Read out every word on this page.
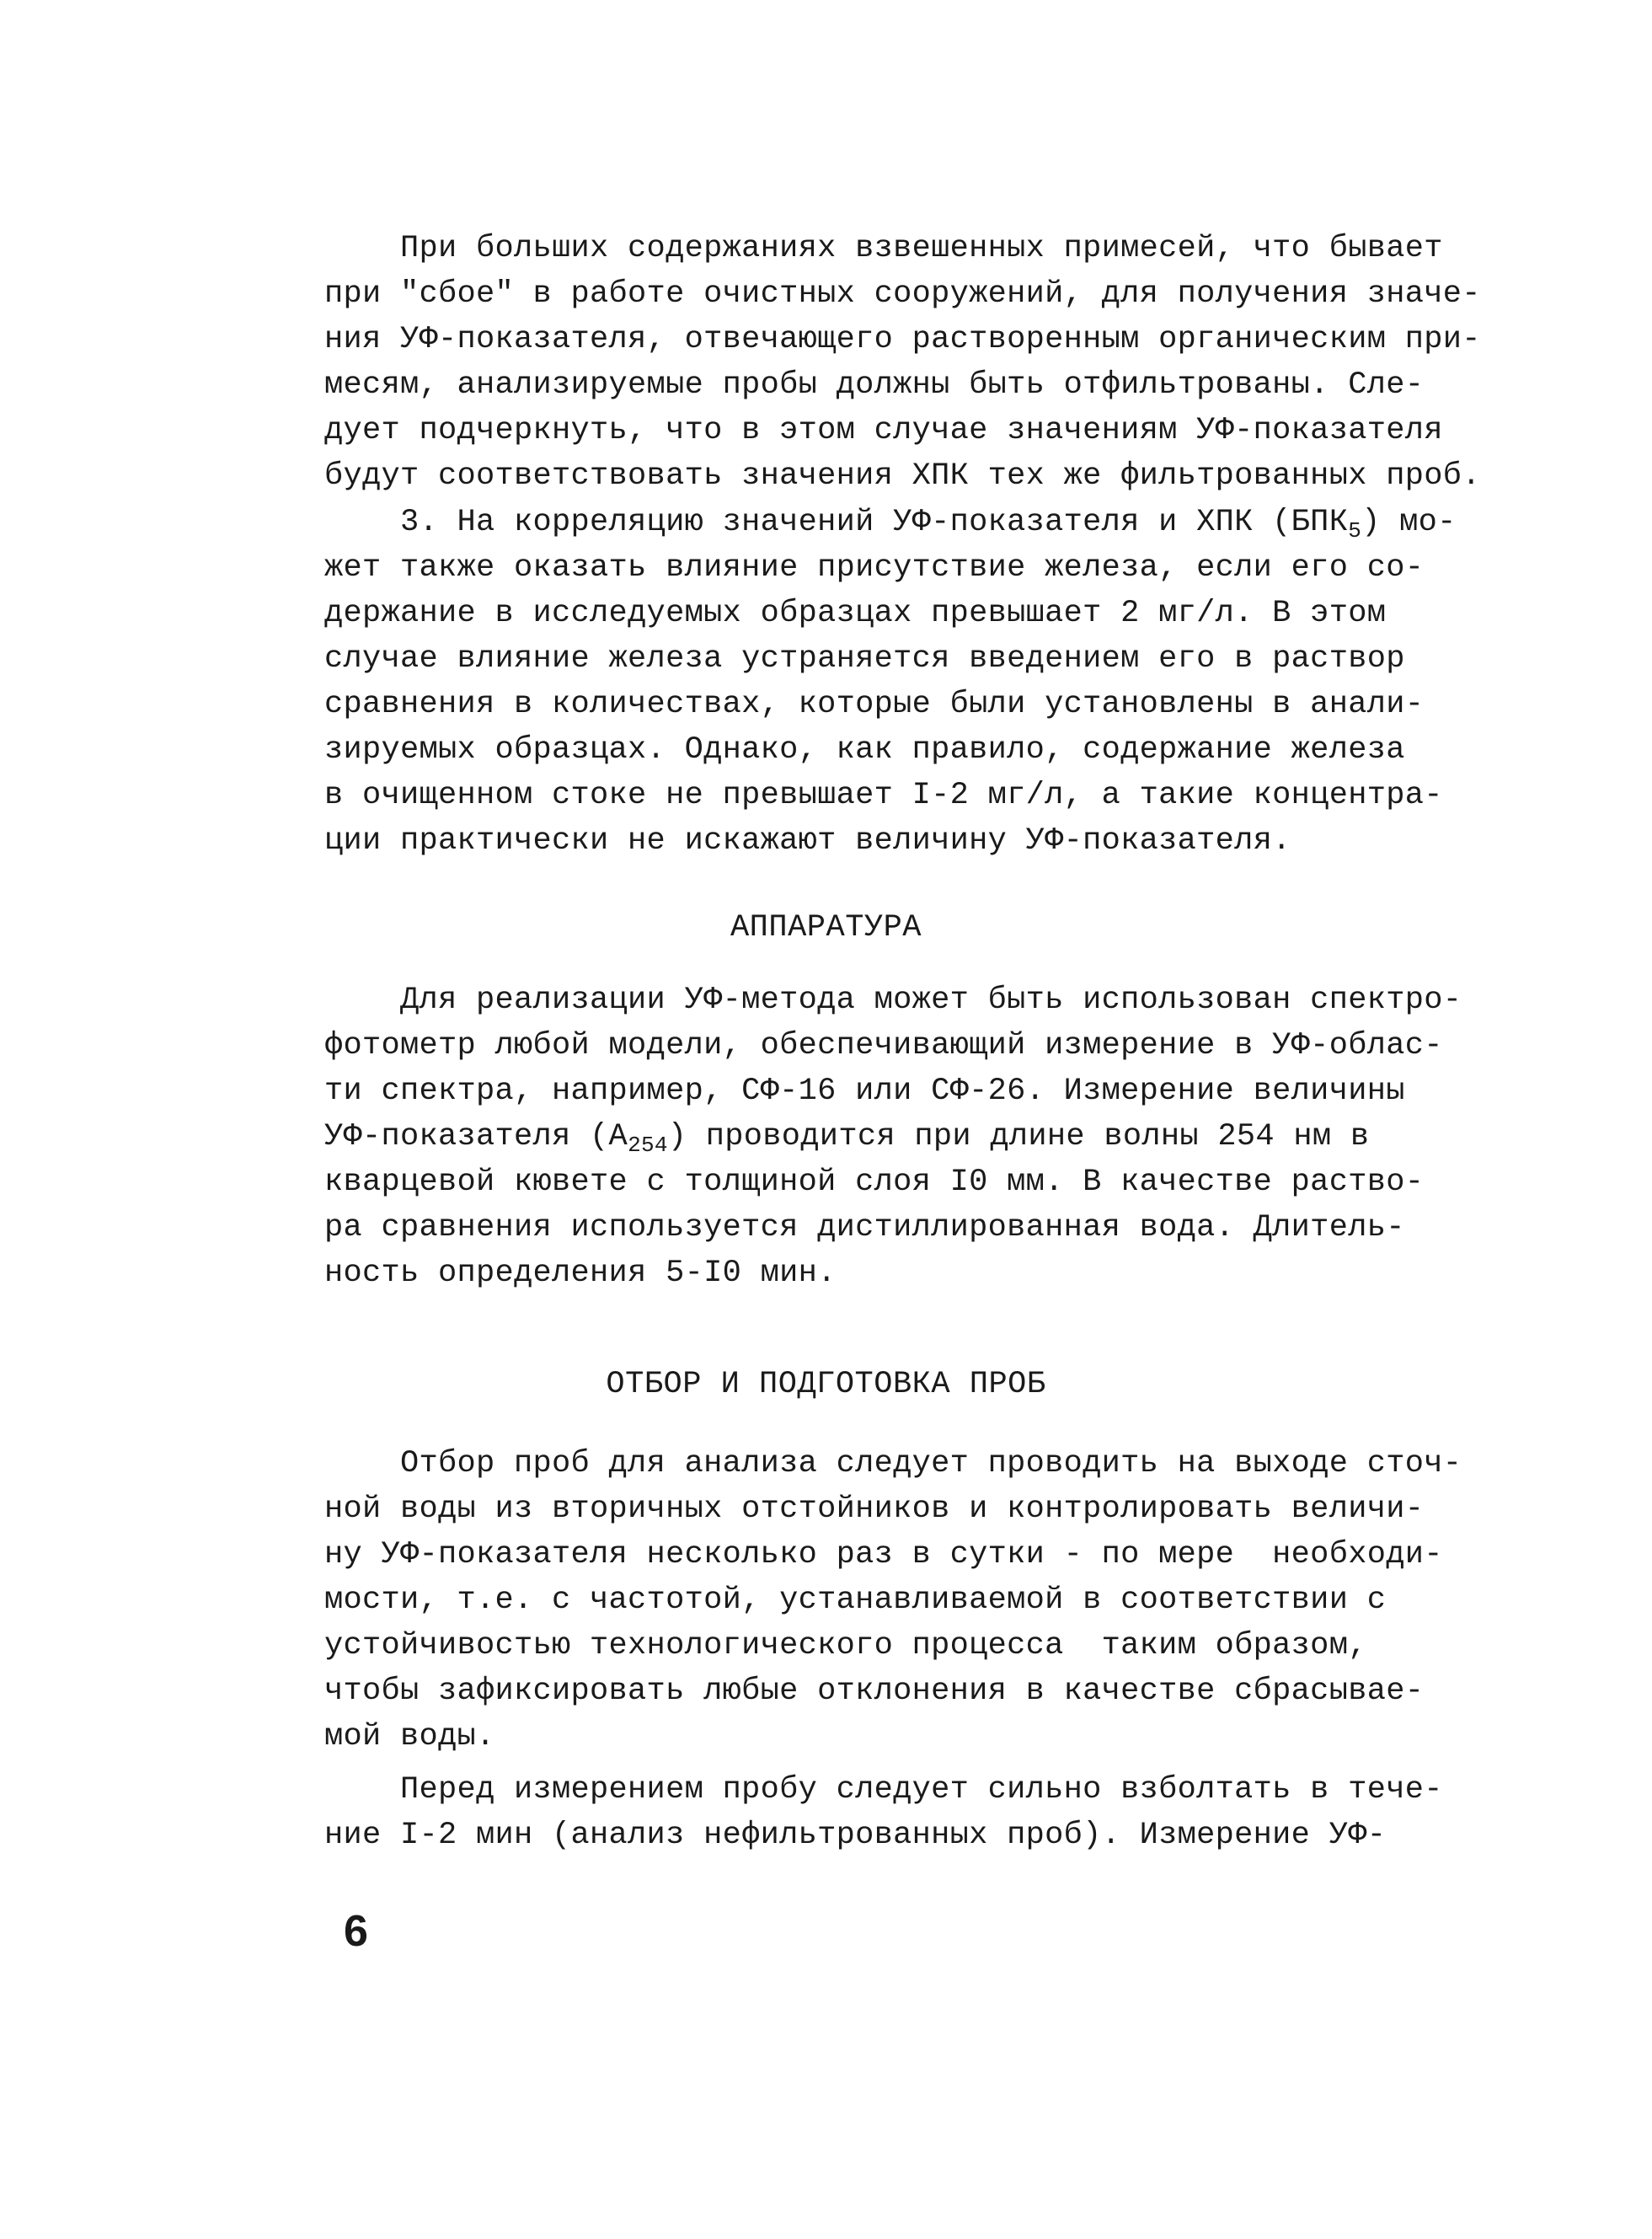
При больших содержаниях взвешенных примесей, что бывает
при "сбое" в работе очистных сооружений, для получения значе-
ния УФ-показателя, отвечающего растворенным органическим при-
месям, анализируемые пробы должны быть отфильтрованы. Сле-
дует подчеркнуть, что в этом случае значениям УФ-показателя
будут соответствовать значения ХПК тех же фильтрованных проб.
3. На корреляцию значений УФ-показателя и ХПК $(БПК_5)$ мо-
жет также оказать влияние присутствие железа, если его со-
держание в исследуемых образцах превышает 2 мг/л. В этом
случае влияние железа устраняется введением его в раствор
сравнения в количествах, которые были установлены в анали-
зируемых образцах. Однако, как правило, содержание железа
в очищенном стоке не превышает I-2 мг/л, а такие концентра-
ции практически не искажают величину УФ-показателя.
АППАРАТУРА
Для реализации УФ-метода может быть использован спектро-
фотометр любой модели, обеспечивающий измерение в УФ-облас-
ти спектра, например, СФ-16 или СФ-26. Измерение величины
УФ-показателя $(А_{254})$ проводится при длине волны 254 нм в
кварцевой кювете с толщиной слоя I0 мм. В качестве раство-
ра сравнения используется дистиллированная вода. Длитель-
ность определения 5-I0 мин.
ОТБОР И ПОДГОТОВКА ПРОБ
Отбор проб для анализа следует проводить на выходе сточ-
ной воды из вторичных отстойников и контролировать величи-
ну УФ-показателя несколько раз в сутки - по мере  необходи-
мости, т.е. с частотой, устанавливаемой в соответствии с
устойчивостью технологического процесса  таким образом,
чтобы зафиксировать любые отклонения в качестве сбрасывае-
мой воды.
Перед измерением пробу следует сильно взболтать в тече-
ние I-2 мин (анализ нефильтрованных проб). Измерение УФ-
6
